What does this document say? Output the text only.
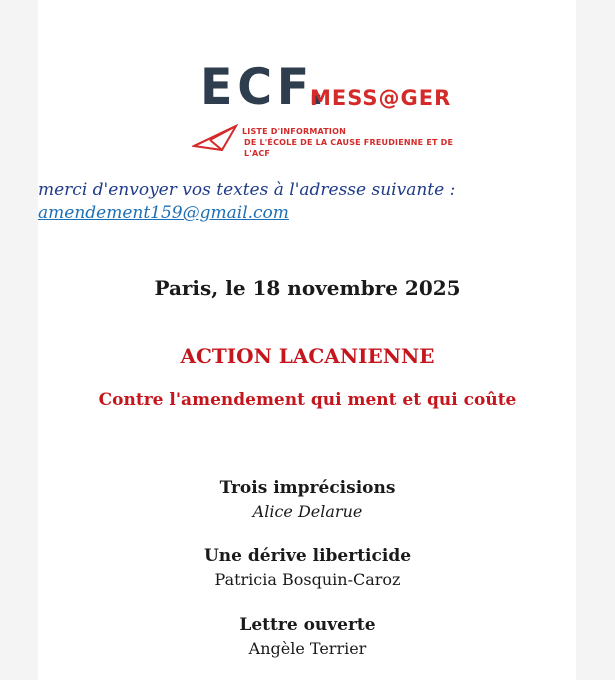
ECF.
MESS@GER
LISTE D'INFORMATION
DE L'ÉCOLE DE LA CAUSE FREUDIENNE ET DE L'ACF
merci d'envoyer vos textes à l'adresse suivante :
amendement159@gmail.com
Paris, le 18 novembre 2025
ACTION LACANIENNE
Contre l'amendement qui ment et qui coûte
Trois imprécisions
Alice Delarue
Une dérive liberticide
Patricia Bosquin-Caroz
Lettre ouverte
Angèle Terrier
